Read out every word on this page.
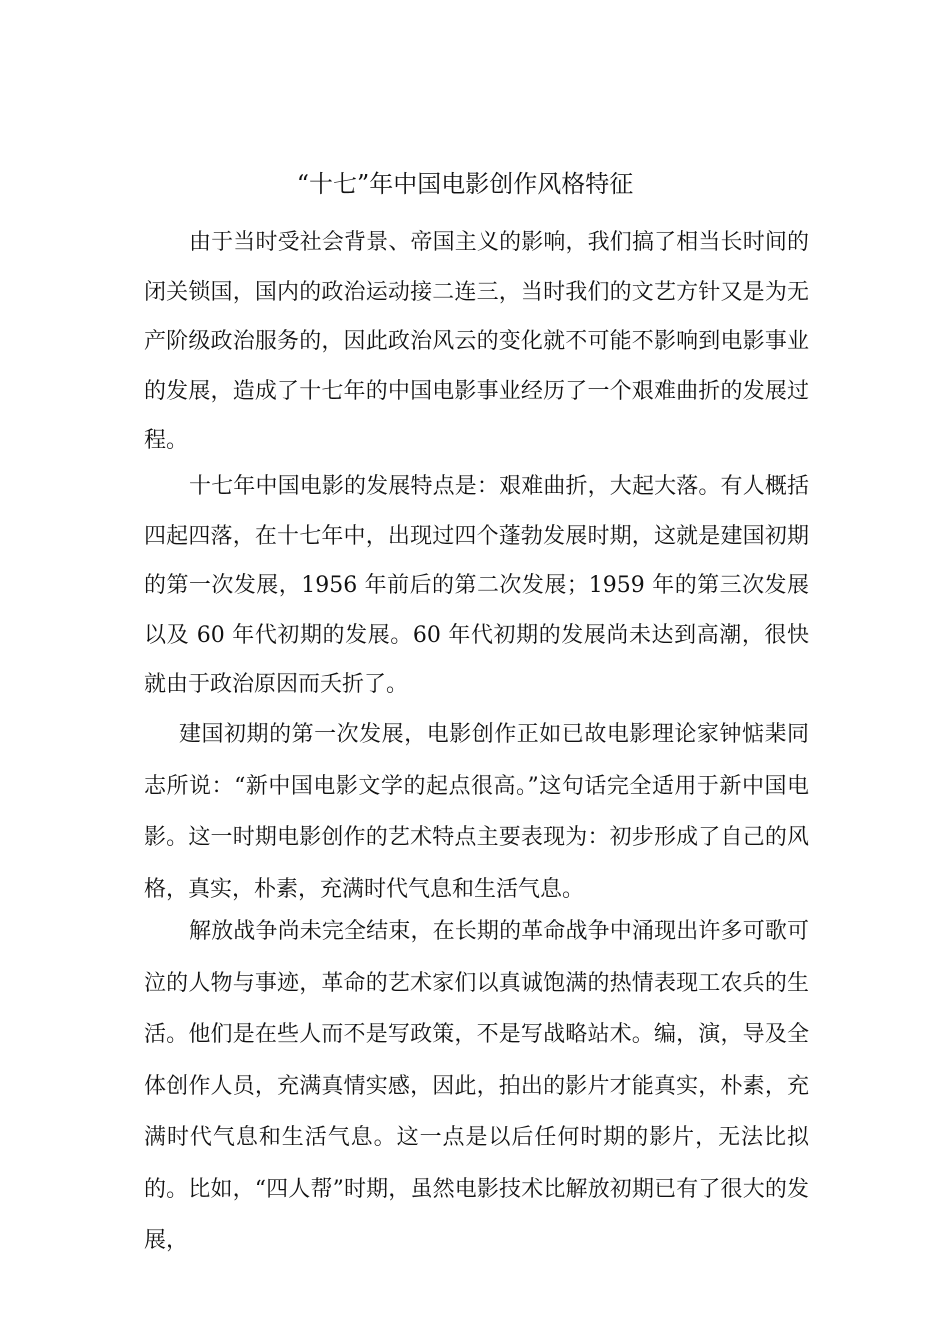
“十七”年中国电影创作风格特征
由于当时受社会背景、帝国主义的影响，我们搞了相当长时间的闭关锁国，国内的政治运动接二连三，当时我们的文艺方针又是为无产阶级政治服务的，因此政治风云的变化就不可能不影响到电影事业的发展，造成了十七年的中国电影事业经历了一个艰难曲折的发展过程。
十七年中国电影的发展特点是：艰难曲折，大起大落。有人概括四起四落，在十七年中，出现过四个蓬勃发展时期，这就是建国初期的第一次发展，1956 年前后的第二次发展；1959 年的第三次发展以及 60 年代初期的发展。60 年代初期的发展尚未达到高潮，很快就由于政治原因而夭折了。
建国初期的第一次发展，电影创作正如已故电影理论家钟惦棐同志所说：“新中国电影文学的起点很高。”这句话完全适用于新中国电影。这一时期电影创作的艺术特点主要表现为：初步形成了自己的风格，真实，朴素，充满时代气息和生活气息。
解放战争尚未完全结束，在长期的革命战争中涌现出许多可歌可泣的人物与事迹，革命的艺术家们以真诚饱满的热情表现工农兵的生活。他们是在些人而不是写政策，不是写战略站术。编，演，导及全体创作人员，充满真情实感，因此，拍出的影片才能真实，朴素，充满时代气息和生活气息。这一点是以后任何时期的影片，无法比拟的。比如，“四人帮”时期，虽然电影技术比解放初期已有了很大的发展，
